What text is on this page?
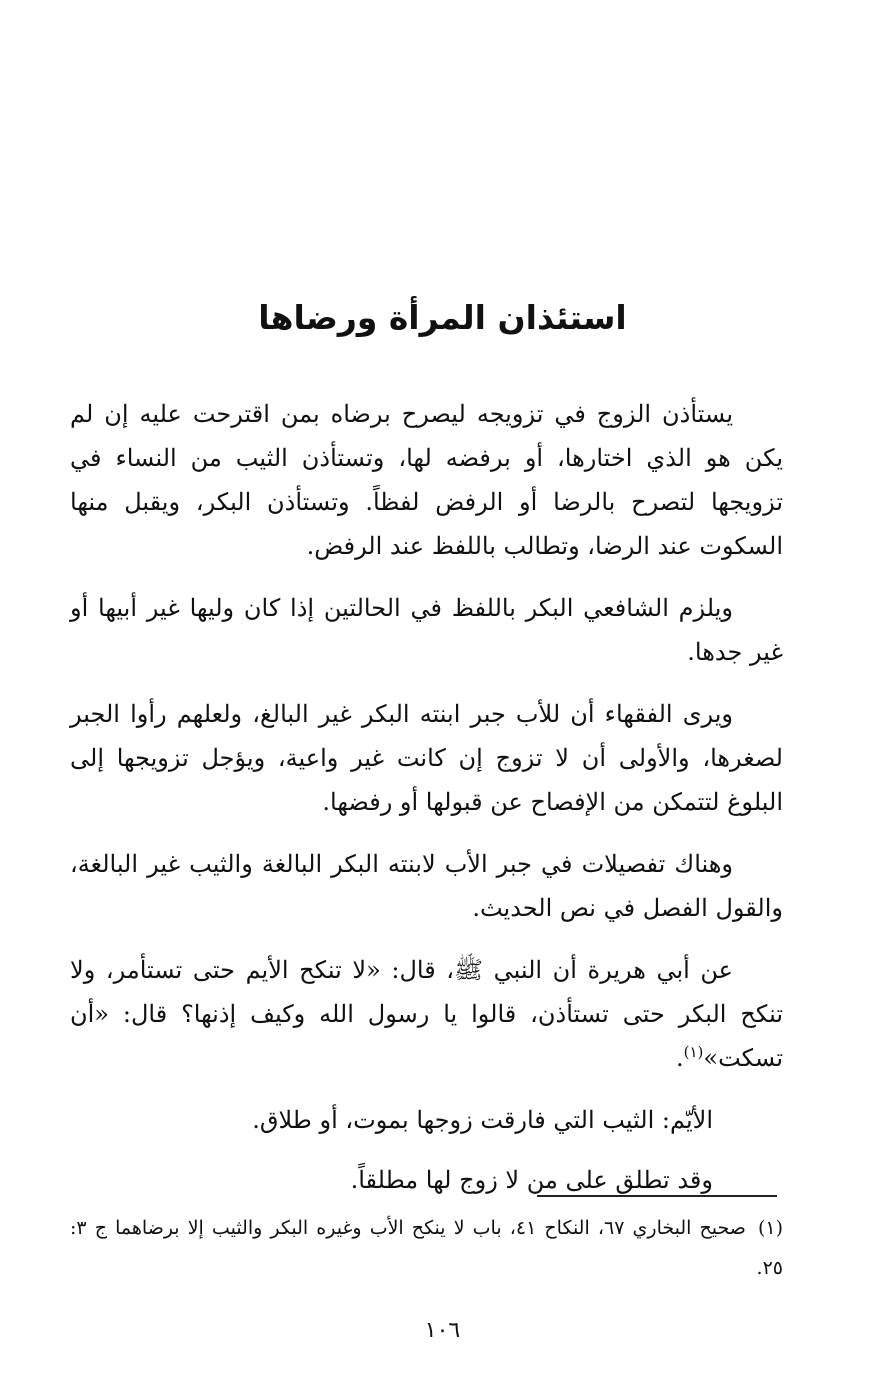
استئذان المرأة ورضاها

يستأذن الزوج في تزويجه ليصرح برضاه بمن اقترحت عليه إن لم يكن هو الذي اختارها، أو برفضه لها، وتستأذن الثيب من النساء في تزويجها لتصرح بالرضا أو الرفض لفظاً. وتستأذن البكر، ويقبل منها السكوت عند الرضا، وتطالب باللفظ عند الرفض.

ويلزم الشافعي البكر باللفظ في الحالتين إذا كان وليها غير أبيها أو غير جدها.

ويرى الفقهاء أن للأب جبر ابنته البكر غير البالغ، ولعلهم رأوا الجبر لصغرها، والأولى أن لا تزوج إن كانت غير واعية، ويؤجل تزويجها إلى البلوغ لتتمكن من الإفصاح عن قبولها أو رفضها.

وهناك تفصيلات في جبر الأب لابنته البكر البالغة والثيب غير البالغة، والقول الفصل في نص الحديث.

عن أبي هريرة أن النبي ﷺ، قال: «لا تنكح الأيم حتى تستأمر، ولا تنكح البكر حتى تستأذن، قالوا يا رسول الله وكيف إذنها؟ قال: «أن تسكت»$^{(١)}$.

الأيّم: الثيب التي فارقت زوجها بموت، أو طلاق.

وقد تطلق على من لا زوج لها مطلقاً.

(١)صحيح البخاري ٦٧، النكاح ٤١، باب لا ينكح الأب وغيره البكر والثيب إلا برضاهما ج ٣: ٢٥.
١٠٦
